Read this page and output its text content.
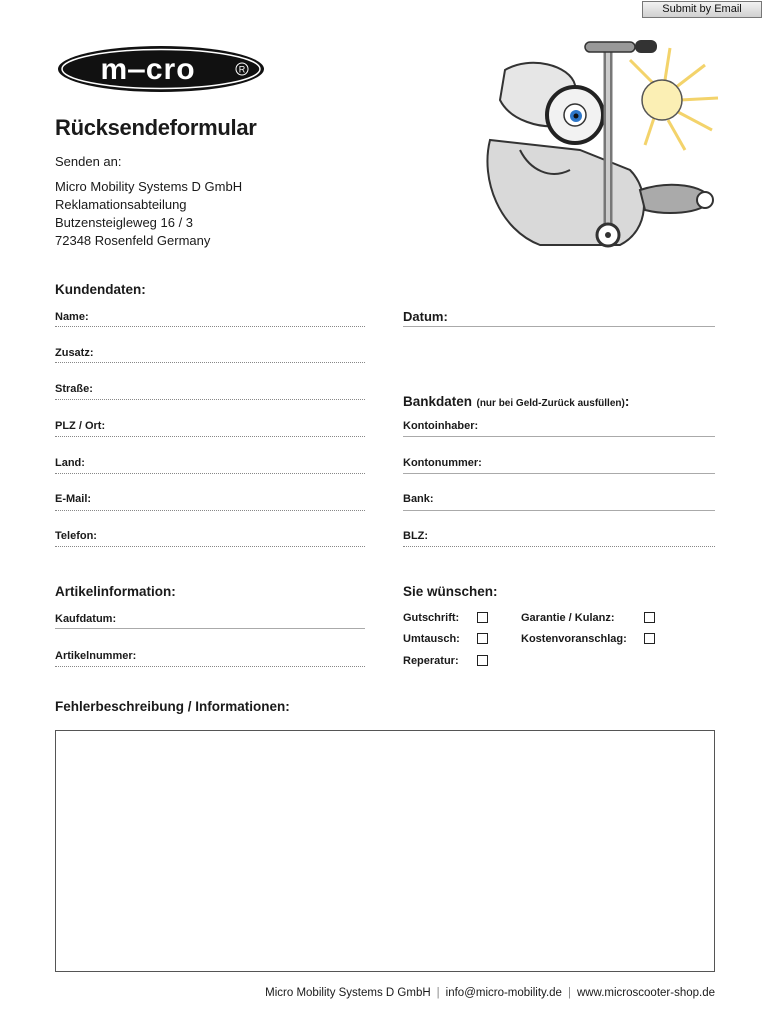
Submit by Email
m‒cro	R
Rücksendeformular
Senden an:
Micro Mobility Systems D GmbH
Reklamationsabteilung
Butzensteigleweg 16 / 3
72348 Rosenfeld Germany
Kundendaten:
Name:
Zusatz:
Straße:
PLZ / Ort:
Land:
E-Mail:
Telefon:
Datum:
Bankdaten (nur bei Geld-Zurück ausfüllen):
Kontoinhaber:
Kontonummer:
Bank:
BLZ:
Artikelinformation:
Kaufdatum:
Artikelnummer:
Sie wünschen:
Gutschrift:
Umtausch:
Reperatur:
Garantie / Kulanz:
Kostenvoranschlag:
Fehlerbeschreibung / Informationen:
Micro Mobility Systems D GmbH | info@micro-mobility.de | www.microscooter-shop.de
